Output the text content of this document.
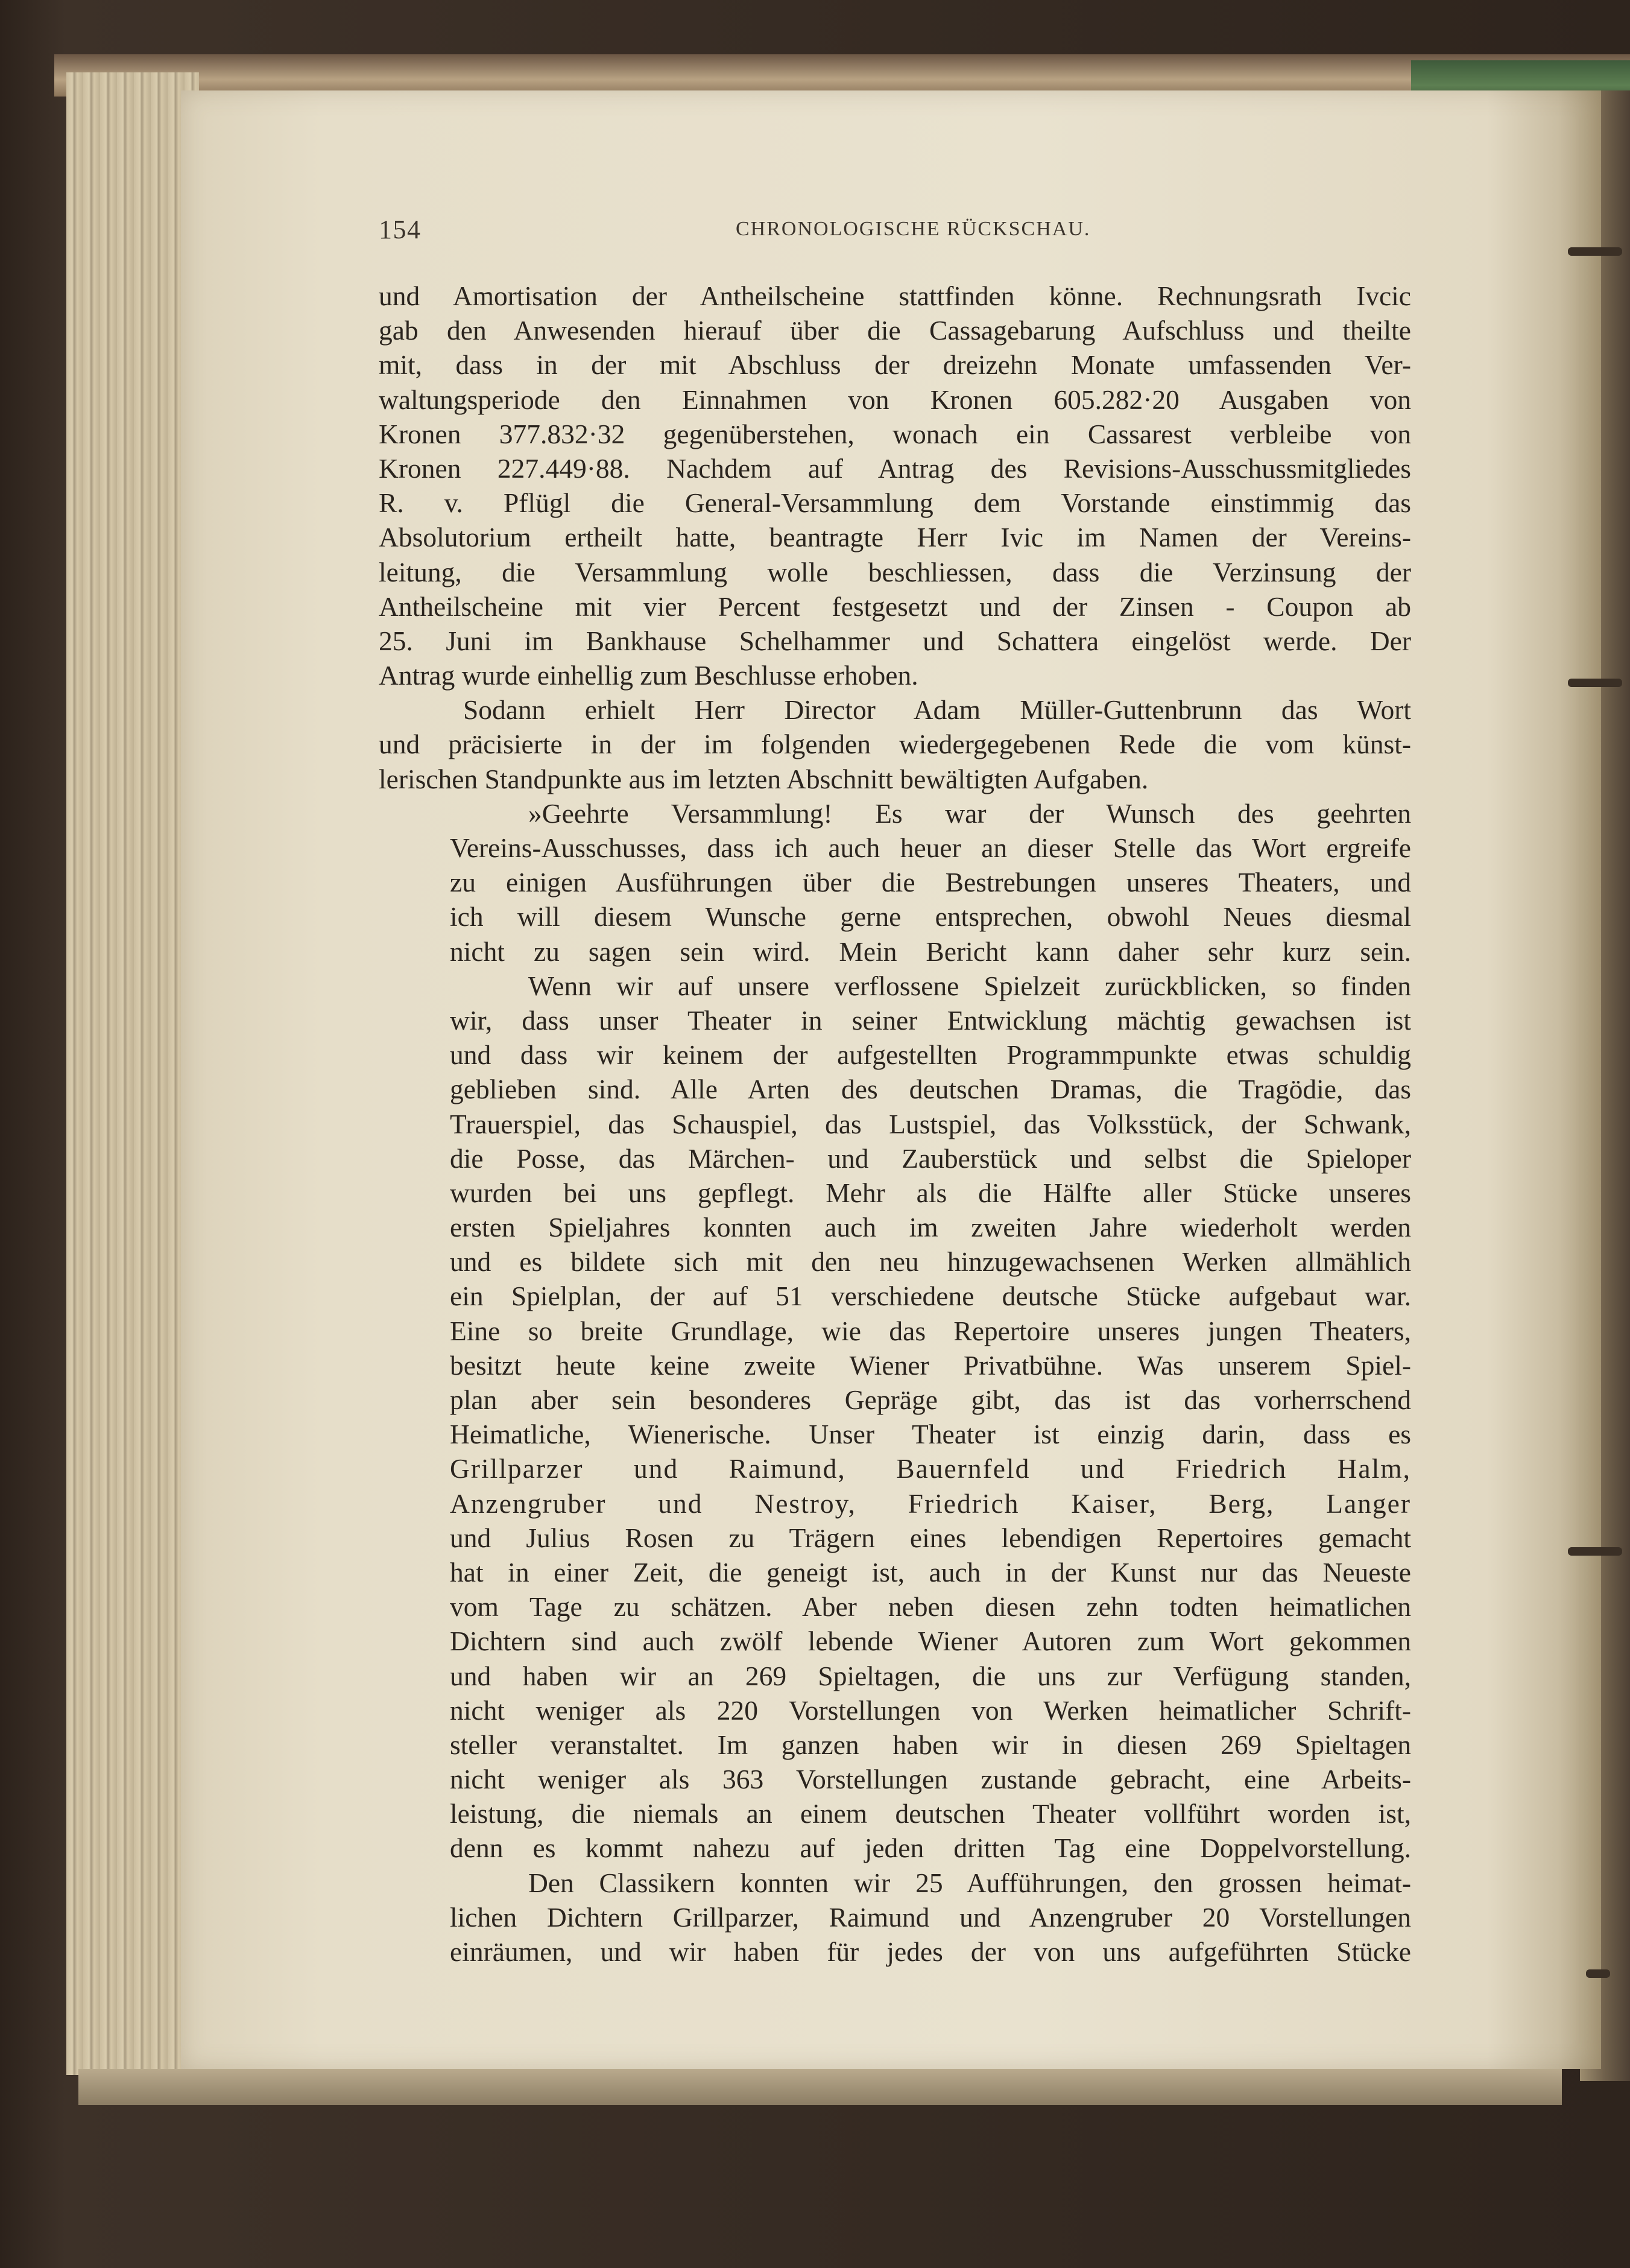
154	CHRONOLOGISCHE RÜCKSCHAU.
und Amortisation der Antheilscheine stattfinden könne. Rechnungsrath Ivcic
gab den Anwesenden hierauf über die Cassagebarung Aufschluss und theilte
mit, dass in der mit Abschluss der dreizehn Monate umfassenden Ver-
waltungsperiode den Einnahmen von Kronen 605.282·20 Ausgaben von
Kronen 377.832·32 gegenüberstehen, wonach ein Cassarest verbleibe von
Kronen 227.449·88. Nachdem auf Antrag des Revisions-Ausschussmitgliedes
R. v. Pflügl die General-Versammlung dem Vorstande einstimmig das
Absolutorium ertheilt hatte, beantragte Herr Ivic im Namen der Vereins-
leitung, die Versammlung wolle beschliessen, dass die Verzinsung der
Antheilscheine mit vier Percent festgesetzt und der Zinsen - Coupon ab
25. Juni im Bankhause Schelhammer und Schattera eingelöst werde. Der
Antrag wurde einhellig zum Beschlusse erhoben.
Sodann erhielt Herr Director Adam Müller-Guttenbrunn das Wort
und präcisierte in der im folgenden wiedergegebenen Rede die vom künst-
lerischen Standpunkte aus im letzten Abschnitt bewältigten Aufgaben.
»Geehrte Versammlung! Es war der Wunsch des geehrten
Vereins-Ausschusses, dass ich auch heuer an dieser Stelle das Wort ergreife
zu einigen Ausführungen über die Bestrebungen unseres Theaters, und
ich will diesem Wunsche gerne entsprechen, obwohl Neues diesmal
nicht zu sagen sein wird. Mein Bericht kann daher sehr kurz sein.
Wenn wir auf unsere verflossene Spielzeit zurückblicken, so finden
wir, dass unser Theater in seiner Entwicklung mächtig gewachsen ist
und dass wir keinem der aufgestellten Programmpunkte etwas schuldig
geblieben sind. Alle Arten des deutschen Dramas, die Tragödie, das
Trauerspiel, das Schauspiel, das Lustspiel, das Volksstück, der Schwank,
die Posse, das Märchen- und Zauberstück und selbst die Spieloper
wurden bei uns gepflegt. Mehr als die Hälfte aller Stücke unseres
ersten Spieljahres konnten auch im zweiten Jahre wiederholt werden
und es bildete sich mit den neu hinzugewachsenen Werken allmählich
ein Spielplan, der auf 51 verschiedene deutsche Stücke aufgebaut war.
Eine so breite Grundlage, wie das Repertoire unseres jungen Theaters,
besitzt heute keine zweite Wiener Privatbühne. Was unserem Spiel-
plan aber sein besonderes Gepräge gibt, das ist das vorherrschend
Heimatliche, Wienerische. Unser Theater ist einzig darin, dass es
Grillparzer und Raimund, Bauernfeld und Friedrich Halm,
Anzengruber und Nestroy, Friedrich Kaiser, Berg, Langer
und Julius Rosen zu Trägern eines lebendigen Repertoires gemacht
hat in einer Zeit, die geneigt ist, auch in der Kunst nur das Neueste
vom Tage zu schätzen. Aber neben diesen zehn todten heimatlichen
Dichtern sind auch zwölf lebende Wiener Autoren zum Wort gekommen
und haben wir an 269 Spieltagen, die uns zur Verfügung standen,
nicht weniger als 220 Vorstellungen von Werken heimatlicher Schrift-
steller veranstaltet. Im ganzen haben wir in diesen 269 Spieltagen
nicht weniger als 363 Vorstellungen zustande gebracht, eine Arbeits-
leistung, die niemals an einem deutschen Theater vollführt worden ist,
denn es kommt nahezu auf jeden dritten Tag eine Doppelvorstellung.
Den Classikern konnten wir 25 Aufführungen, den grossen heimat-
lichen Dichtern Grillparzer, Raimund und Anzengruber 20 Vorstellungen
einräumen, und wir haben für jedes der von uns aufgeführten Stücke
